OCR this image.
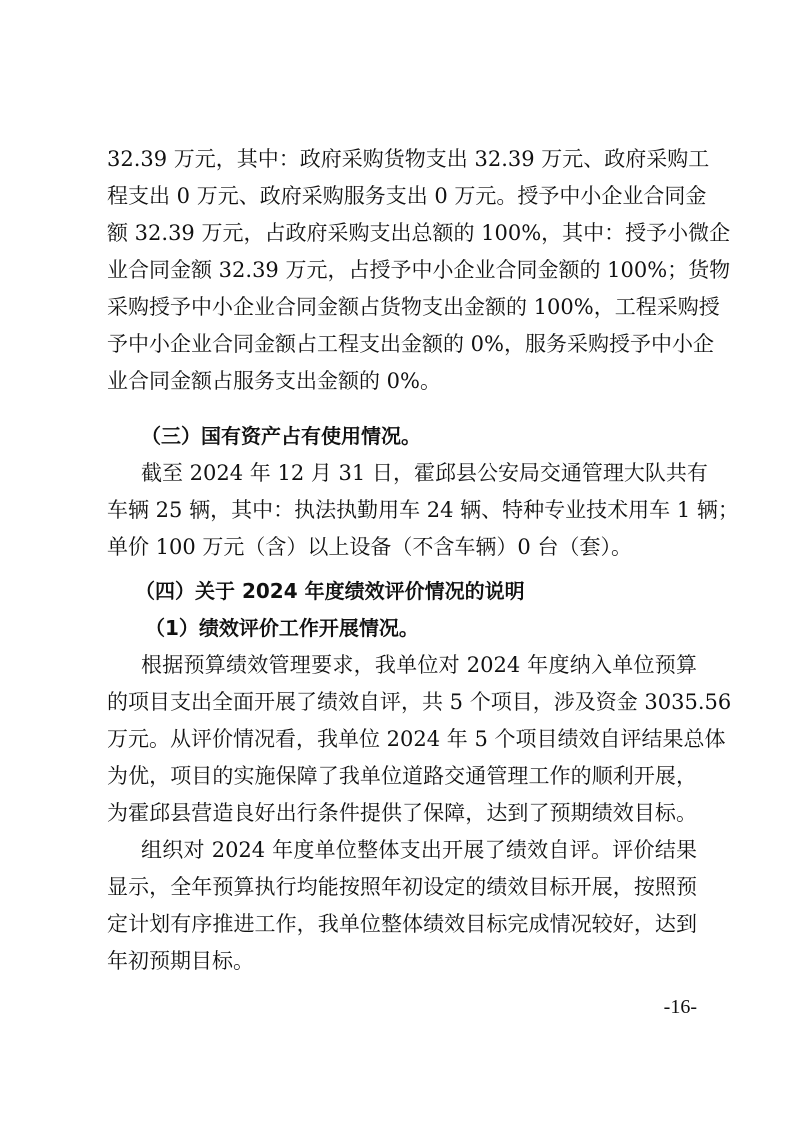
32.39 万元，其中：政府采购货物支出 32.39 万元、政府采购工
程支出 0 万元、政府采购服务支出 0 万元。授予中小企业合同金
额 32.39 万元，占政府采购支出总额的 100%，其中：授予小微企
业合同金额 32.39 万元，占授予中小企业合同金额的 100%；货物
采购授予中小企业合同金额占货物支出金额的 100%，工程采购授
予中小企业合同金额占工程支出金额的 0%，服务采购授予中小企
业合同金额占服务支出金额的 0%。
（三）国有资产占有使用情况。
截至 2024 年 12 月 31 日，霍邱县公安局交通管理大队共有
车辆 25 辆，其中：执法执勤用车 24 辆、特种专业技术用车 1 辆；
单价 100 万元（含）以上设备（不含车辆）0 台（套）。
（四）关于 2024 年度绩效评价情况的说明
（1）绩效评价工作开展情况。
根据预算绩效管理要求，我单位对 2024 年度纳入单位预算
的项目支出全面开展了绩效自评，共 5 个项目，涉及资金 3035.56
万元。从评价情况看，我单位 2024 年 5 个项目绩效自评结果总体
为优，项目的实施保障了我单位道路交通管理工作的顺利开展，
为霍邱县营造良好出行条件提供了保障，达到了预期绩效目标。
组织对 2024 年度单位整体支出开展了绩效自评。评价结果
显示，全年预算执行均能按照年初设定的绩效目标开展，按照预
定计划有序推进工作，我单位整体绩效目标完成情况较好，达到
年初预期目标。
-16-
